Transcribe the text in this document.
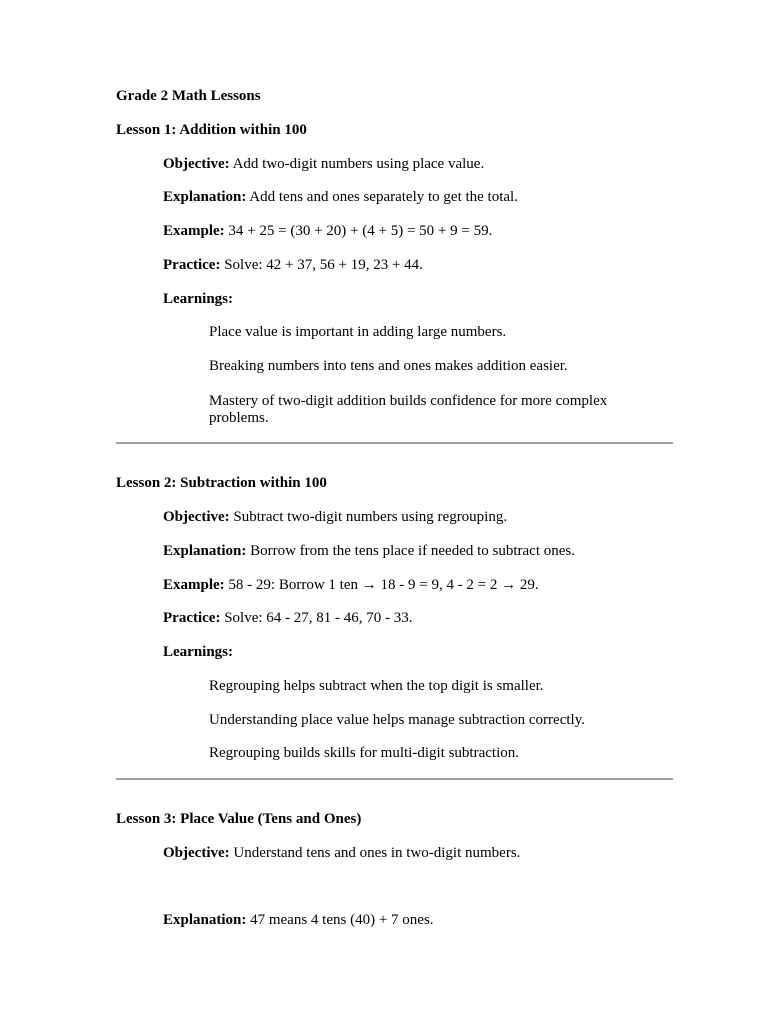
Grade 2 Math Lessons
Lesson 1: Addition within 100
Objective: Add two-digit numbers using place value.
Explanation: Add tens and ones separately to get the total.
Example: 34 + 25 = (30 + 20) + (4 + 5) = 50 + 9 = 59.
Practice: Solve: 42 + 37, 56 + 19, 23 + 44.
Learnings:
Place value is important in adding large numbers.
Breaking numbers into tens and ones makes addition easier.
Mastery of two-digit addition builds confidence for more complex problems.
Lesson 2: Subtraction within 100
Objective: Subtract two-digit numbers using regrouping.
Explanation: Borrow from the tens place if needed to subtract ones.
Example: 58 - 29: Borrow 1 ten → 18 - 9 = 9, 4 - 2 = 2 → 29.
Practice: Solve: 64 - 27, 81 - 46, 70 - 33.
Learnings:
Regrouping helps subtract when the top digit is smaller.
Understanding place value helps manage subtraction correctly.
Regrouping builds skills for multi-digit subtraction.
Lesson 3: Place Value (Tens and Ones)
Objective: Understand tens and ones in two-digit numbers.
Explanation: 47 means 4 tens (40) + 7 ones.
